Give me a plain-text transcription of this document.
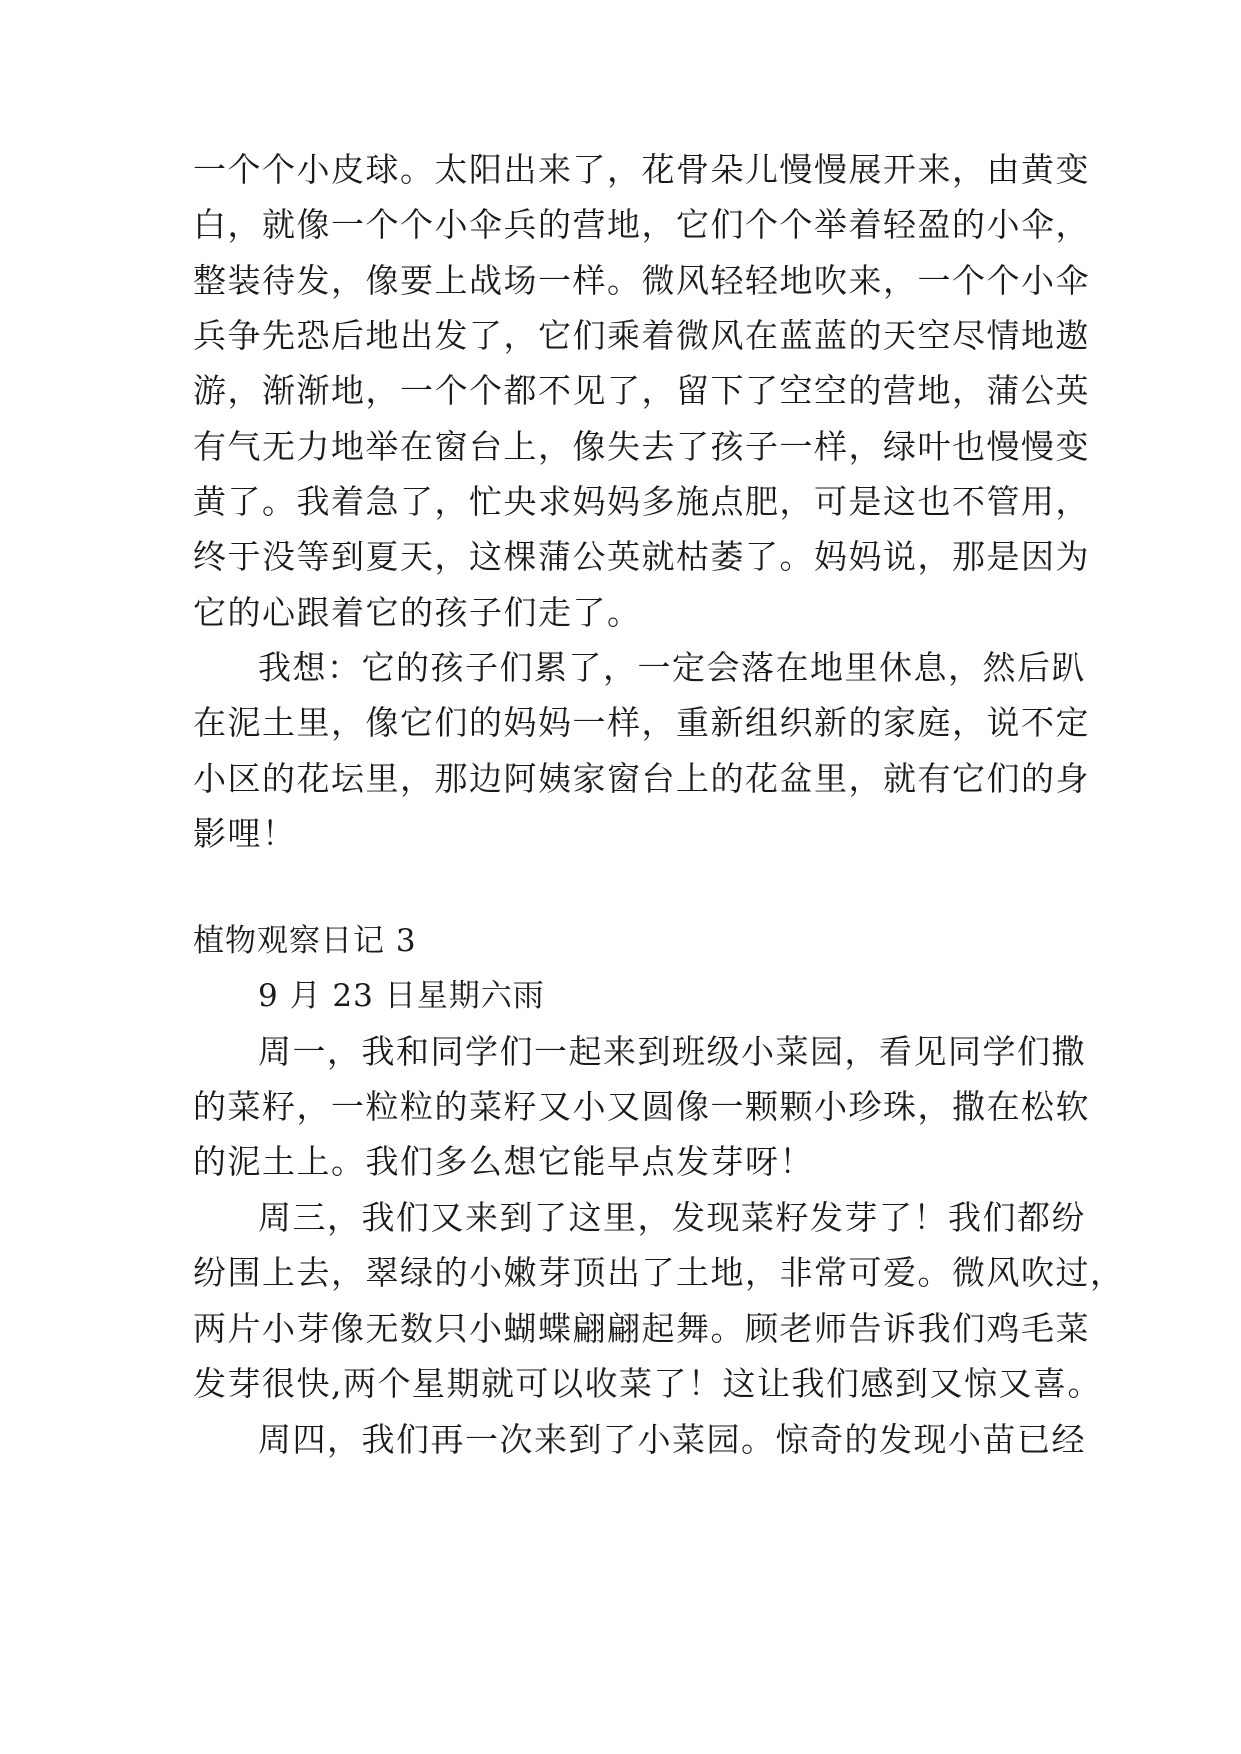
一个个小皮球。太阳出来了，花骨朵儿慢慢展开来，由黄变
白，就像一个个小伞兵的营地，它们个个举着轻盈的小伞，
整装待发，像要上战场一样。微风轻轻地吹来，一个个小伞
兵争先恐后地出发了，它们乘着微风在蓝蓝的天空尽情地遨
游，渐渐地，一个个都不见了，留下了空空的营地，蒲公英
有气无力地举在窗台上，像失去了孩子一样，绿叶也慢慢变
黄了。我着急了，忙央求妈妈多施点肥，可是这也不管用，
终于没等到夏天，这棵蒲公英就枯萎了。妈妈说，那是因为
它的心跟着它的孩子们走了。
我想：它的孩子们累了，一定会落在地里休息，然后趴
在泥土里，像它们的妈妈一样，重新组织新的家庭，说不定
小区的花坛里，那边阿姨家窗台上的花盆里，就有它们的身
影哩！
植物观察日记 3
9 月 23 日星期六雨
周一，我和同学们一起来到班级小菜园，看见同学们撒
的菜籽，一粒粒的菜籽又小又圆像一颗颗小珍珠，撒在松软
的泥土上。我们多么想它能早点发芽呀！
周三，我们又来到了这里，发现菜籽发芽了！我们都纷
纷围上去，翠绿的小嫩芽顶出了土地，非常可爱。微风吹过，
两片小芽像无数只小蝴蝶翩翩起舞。顾老师告诉我们鸡毛菜
发芽很快,两个星期就可以收菜了！这让我们感到又惊又喜。
周四，我们再一次来到了小菜园。惊奇的发现小苗已经
